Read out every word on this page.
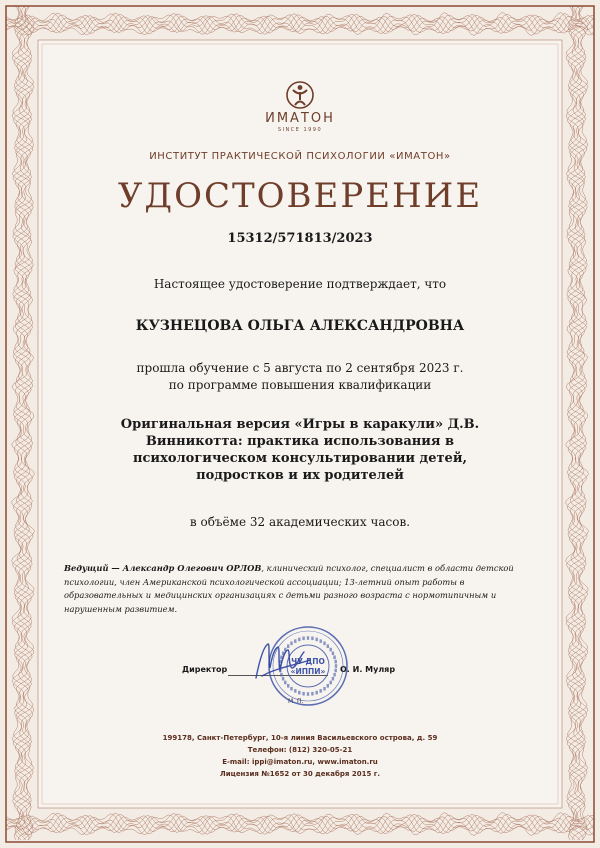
ИМАТОН
SINCE 1990
ИНСТИТУТ ПРАКТИЧЕСКОЙ ПСИХОЛОГИИ «ИМАТОН»
УДОСТОВЕРЕНИЕ
15312/571813/2023
Настоящее удостоверение подтверждает, что
КУЗНЕЦОВА ОЛЬГА АЛЕКСАНДРОВНА
прошла обучение с 5 августа по 2 сентября 2023 г.
по программе повышения квалификации
Оригинальная версия «Игры в каракули» Д.В. Винникотта: практика использования в психологическом консультировании детей, подростков и их родителей
в объёме 32 академических часов.
Ведущий — Александр Олегович ОРЛОВ, клинический психолог, специалист в области детской психологии, член Американской психологической ассоциации; 13-летний опыт работы в образовательных и медицинских организациях с детьми разного возраста с нормотипичным и нарушенным развитием.
Директор	О. И. Муляр
М. П.
ЧУ ДПО
«ИППИ»
199178, Санкт-Петербург, 10-я линия Васильевского острова, д. 59
Телефон: (812) 320-05-21
E-mail: ippi@imaton.ru, www.imaton.ru
Лицензия №1652 от 30 декабря 2015 г.
